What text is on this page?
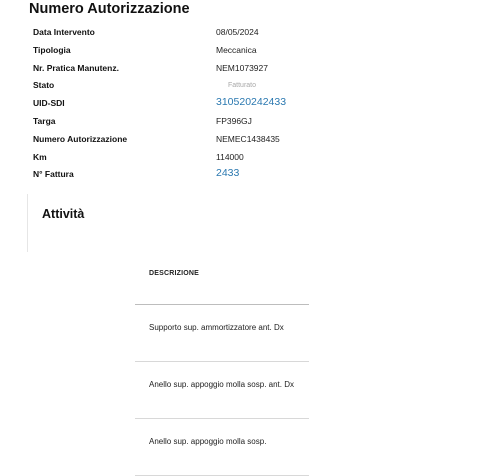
Numero Autorizzazione
Data Intervento	08/05/2024
Tipologia	Meccanica
Nr. Pratica Manutenz.	NEM1073927
Stato	Fatturato
UID-SDI	310520242433
Targa	FP396GJ
Numero Autorizzazione	NEMEC1438435
Km	114000
N° Fattura	2433
Attività
DESCRIZIONE
Supporto sup. ammortizzatore ant. Dx
Anello sup. appoggio molla sosp. ant. Dx
Anello sup. appoggio molla sosp.
